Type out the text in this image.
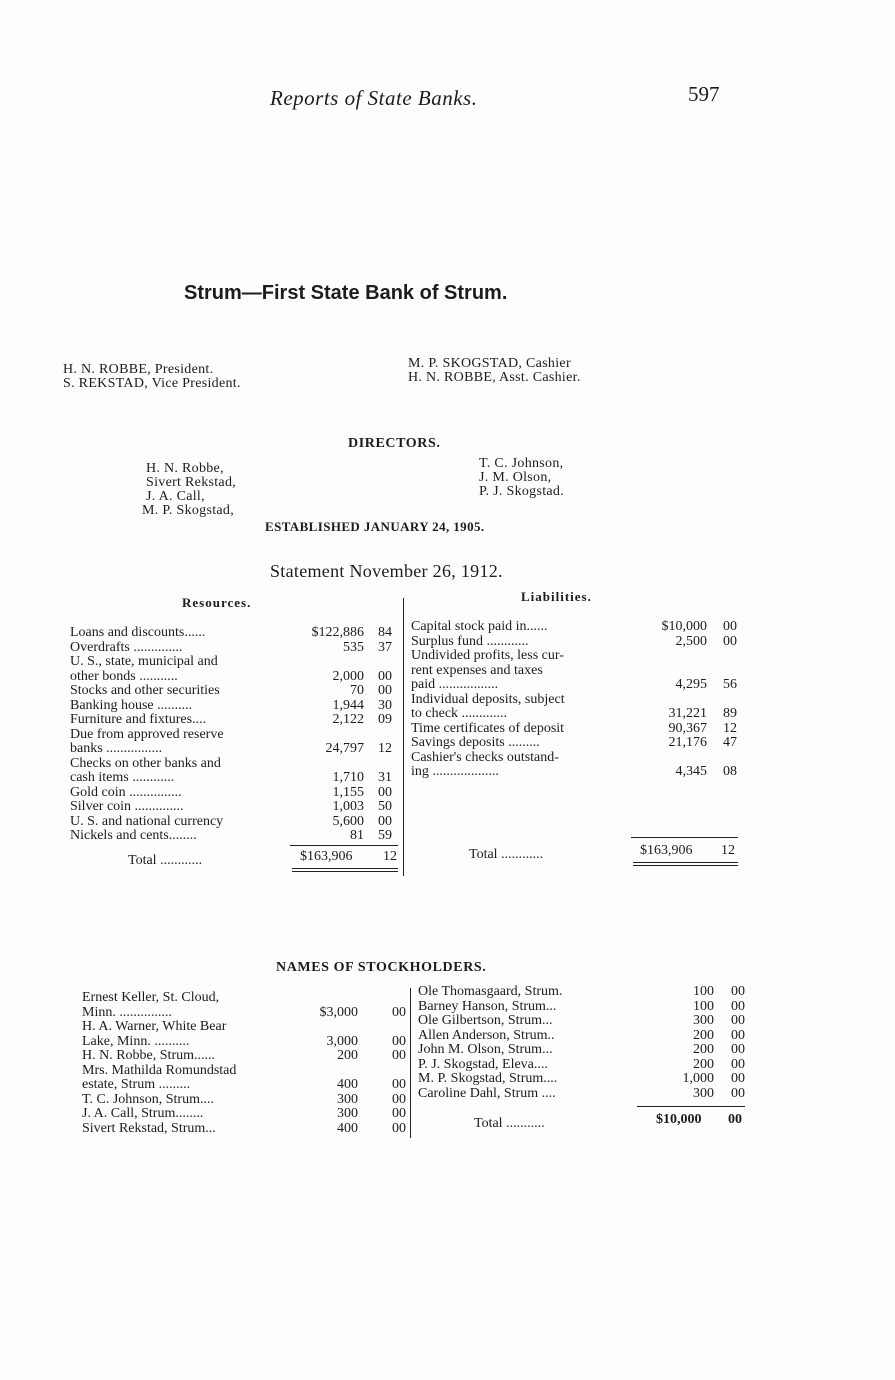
Reports of State Banks.	597
Strum—First State Bank of Strum.
H. N. ROBBE, President.
S. REKSTAD, Vice President.
M. P. SKOGSTAD, Cashier
H. N. ROBBE, Asst. Cashier.
DIRECTORS.
H. N. Robbe,
Sivert Rekstad,
J. A. Call,
M. P. Skogstad,
T. C. Johnson,
J. M. Olson,
P. J. Skogstad.
ESTABLISHED JANUARY 24, 1905.
Statement November 26, 1912.
Resources.	Liabilities.
Loans and discounts......	$122,886	84
Overdrafts ..............	535	37
U. S., state, municipal and
other bonds ...........	2,000	00
Stocks and other securities	70	00
Banking house ..........	1,944	30
Furniture and fixtures....	2,122	09
Due from approved reserve
banks ................	24,797	12
Checks on other banks and
cash items ............	1,710	31
Gold coin ...............	1,155	00
Silver coin ..............	1,003	50
U. S. and national currency	5,600	00
Nickels and cents........	81	59
Total ............	$163,906 12
Capital stock paid in......	$10,000	00
Surplus fund ............	2,500	00
Undivided profits, less cur-
rent expenses and taxes
paid .................	4,295	56
Individual deposits, subject
to check .............	31,221	89
Time certificates of deposit	90,367	12
Savings deposits .........	21,176	47
Cashier's checks outstand-
ing ...................	4,345	08
Total ............	$163,906 12
NAMES OF STOCKHOLDERS.
Ernest Keller, St. Cloud,
Minn. ...............	$3,000	00
H. A. Warner, White Bear
Lake, Minn. ..........	3,000	00
H. N. Robbe, Strum......	200	00
Mrs. Mathilda Romundstad
estate, Strum .........	400	00
T. C. Johnson, Strum....	300	00
J. A. Call, Strum........	300	00
Sivert Rekstad, Strum...	400	00
Ole Thomasgaard, Strum.	100	00
Barney Hanson, Strum...	100	00
Ole Gilbertson, Strum...	300	00
Allen Anderson, Strum..	200	00
John M. Olson, Strum...	200	00
P. J. Skogstad, Eleva....	200	00
M. P. Skogstad, Strum....	1,000	00
Caroline Dahl, Strum ....	300	00
Total ...........	$10,000 00
